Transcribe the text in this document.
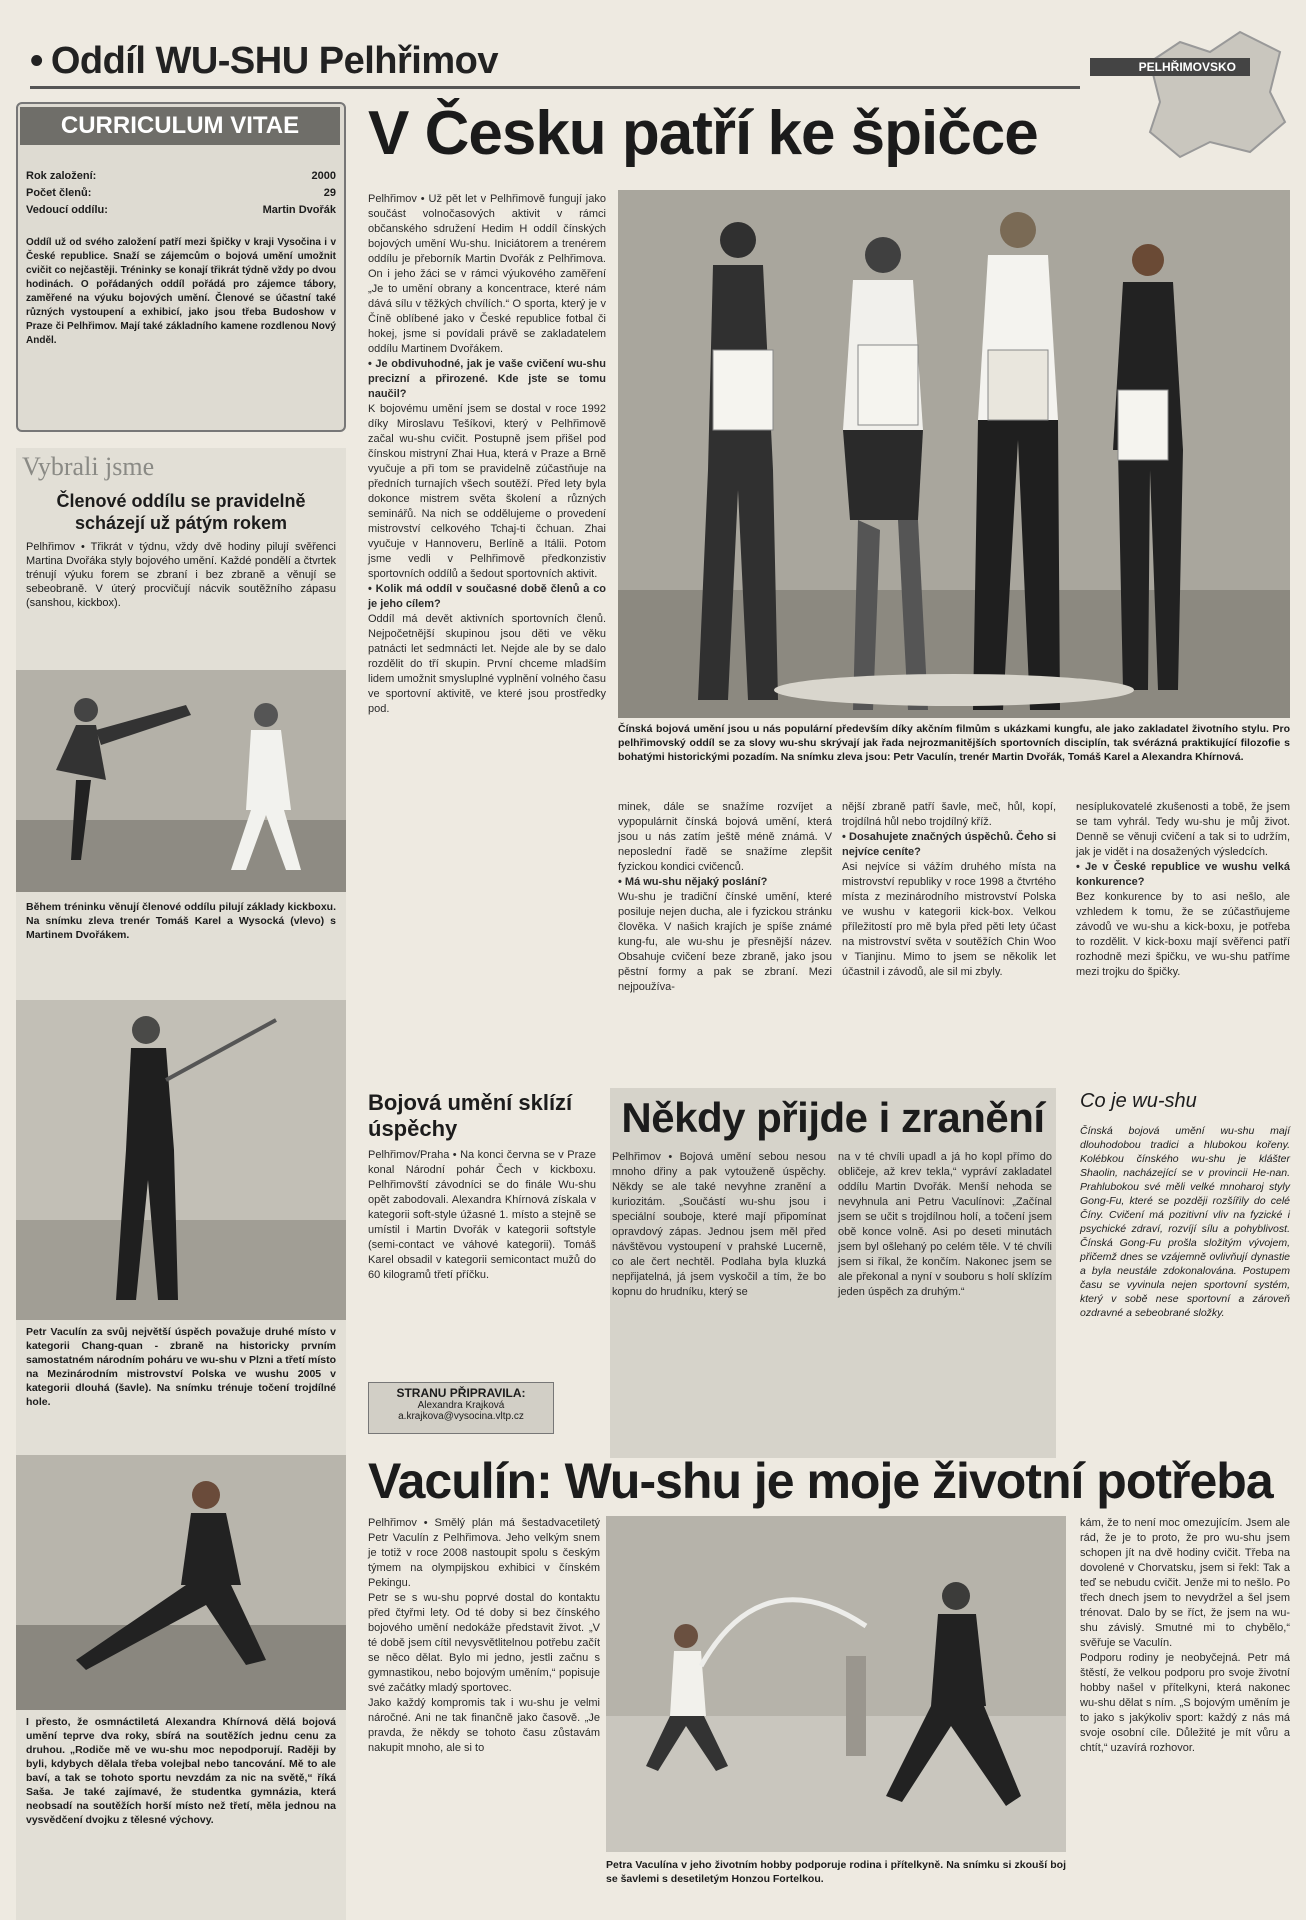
• Oddíl WU-SHU Pelhřimov	PELHŘIMOVSKO
CURRICULUM VITAE
Rok založení:	2000
Počet členů:	29
Vedoucí oddílu:	Martin Dvořák
Oddíl už od svého založení patří mezi špičky v kraji Vysočina i v České republice. Snaží se zájemcům o bojová umění umožnit cvičit co nejčastěji. Tréninky se konají třikrát týdně vždy po dvou hodinách. O pořádaných oddíl pořádá pro zájemce tábory, zaměřené na výuku bojových umění. Členové se účastní také různých vystoupení a exhibicí, jako jsou třeba Budoshow v Praze či Pelhřimov. Mají také základního kamene rozdlenou Nový Anděl.
Vybrali jsme
Členové oddílu se pravidelně scházejí už pátým rokem
Pelhřimov • Třikrát v týdnu, vždy dvě hodiny pilují svěřenci Martina Dvořáka styly bojového umění. Každé pondělí a čtvrtek trénují výuku forem se zbraní i bez zbraně a věnují se sebeobraně. V úterý procvičují nácvik soutěžního zápasu (sanshou, kickbox).
Během tréninku věnují členové oddílu pilují základy kickboxu. Na snímku zleva trenér Tomáš Karel a Wysocká (vlevo) s Martinem Dvořákem.
Petr Vaculín za svůj největší úspěch považuje druhé místo v kategorii Chang-quan - zbraně na historicky prvním samostatném národním poháru ve wu-shu v Plzni a třetí místo na Mezinárodním mistrovství Polska ve wushu 2005 v kategorii dlouhá (šavle). Na snímku trénuje točení trojdílné hole.
I přesto, že osmnáctiletá Alexandra Khírnová dělá bojová umění teprve dva roky, sbírá na soutěžích jednu cenu za druhou. „Rodiče mě ve wu-shu moc nepodporují. Raději by byli, kdybych dělala třeba volejbal nebo tancování. Mě to ale baví, a tak se tohoto sportu nevzdám za nic na světě,“ říká Saša. Je také zajímavé, že studentka gymnázia, která neobsadí na soutěžích horší místo než třetí, měla jednou na vysvědčení dvojku z tělesné výchovy.
V Česku patří ke špičce
Pelhřimov • Už pět let v Pelhřimově fungují jako součást volnočasových aktivit v rámci občanského sdružení Hedim H oddíl čínských bojových umění Wu-shu. Iniciátorem a trenérem oddílu je přeborník Martin Dvořák z Pelhřimova. On i jeho žáci se v rámci výukového zaměření „Je to umění obrany a koncentrace, které nám dává sílu v těžkých chvílích.“ O sporta, který je v Číně oblíbené jako v České republice fotbal či hokej, jsme si povídali právě se zakladatelem oddílu Martinem Dvořákem.
• Je obdivuhodné, jak je vaše cvičení wu-shu precizní a přirozené. Kde jste se tomu naučil?
K bojovému umění jsem se dostal v roce 1992 díky Miroslavu Tešíkovi, který v Pelhřimově začal wu-shu cvičit. Postupně jsem přišel pod čínskou mistryní Zhai Hua, která v Praze a Brně vyučuje a při tom se pravidelně zúčastňuje na předních turnajích všech soutěží. Před lety byla dokonce mistrem světa školení a různých seminářů. Na nich se oddělujeme o provedení mistrovství celkového Tchaj-ti čchuan. Zhai vyučuje v Hannoveru, Berlíně a Itálii. Potom jsme vedli v Pelhřimově předkonzistiv sportovních oddílů a šedout sportovních aktivit.
• Kolik má oddíl v současné době členů a co je jeho cílem?
Oddíl má devět aktivních sportovních členů. Nejpočetnější skupinou jsou děti ve věku patnácti let sedmnácti let. Nejde ale by se dalo rozdělit do tří skupin. První chceme mladším lidem umožnit smysluplné vyplnění volného času ve sportovní aktivitě, ve které jsou prostředky pod.
Čínská bojová umění jsou u nás populární především díky akčním filmům s ukázkami kungfu, ale jako zakladatel životního stylu. Pro pelhřimovský oddíl se za slovy wu-shu skrývají jak řada nejrozmanitějších sportovních disciplín, tak svérázná praktikující filozofie s bohatými historickými pozadím. Na snímku zleva jsou: Petr Vaculín, trenér Martin Dvořák, Tomáš Karel a Alexandra Khírnová.
minek, dále se snažíme rozvíjet a vypopulárnit čínská bojová umění, která jsou u nás zatím ještě méně známá. V neposlední řadě se snažíme zlepšit fyzickou kondici cvičenců.
• Má wu-shu nějaký poslání?
Wu-shu je tradiční čínské umění, které posiluje nejen ducha, ale i fyzickou stránku člověka. V našich krajích je spíše známé kung-fu, ale wu-shu je přesnější název. Obsahuje cvičení beze zbraně, jako jsou pěstní formy a pak se zbraní. Mezi nejpoužíva-
nější zbraně patří šavle, meč, hůl, kopí, trojdílná hůl nebo trojdílný kříž.
• Dosahujete značných úspěchů. Čeho si nejvíce ceníte?
Asi nejvíce si vážím druhého místa na mistrovství republiky v roce 1998 a čtvrtého místa z mezinárodního mistrovství Polska ve wushu v kategorii kick-box. Velkou příležitostí pro mě byla před pěti lety účast na mistrovství světa v soutěžích Chin Woo v Tianjinu. Mimo to jsem se několik let účastnil i závodů, ale sil mi zbyly.
nesíplukovatelé zkušenosti a tobě, že jsem se tam vyhrál. Tedy wu-shu je můj život. Denně se věnuji cvičení a tak si to udržím, jak je vidět i na dosažených výsledcích.
• Je v České republice ve wushu velká konkurence?
Bez konkurence by to asi nešlo, ale vzhledem k tomu, že se zúčastňujeme závodů ve wu-shu a kick-boxu, je potřeba to rozdělit. V kick-boxu mají svěřenci patří rozhodně mezi špičku, ve wu-shu patříme mezi trojku do špičky.
Bojová umění sklízí úspěchy
Pelhřimov/Praha • Na konci června se v Praze konal Národní pohár Čech v kickboxu. Pelhřimovští závodníci se do finále Wu-shu opět zabodovali. Alexandra Khírnová získala v kategorii soft-style úžasné 1. místo a stejně se umístil i Martin Dvořák v kategorii softstyle (semi-contact ve váhové kategorii). Tomáš Karel obsadil v kategorii semicontact mužů do 60 kilogramů třetí příčku.
STRANU PŘIPRAVILA:
Alexandra Krajková
a.krajkova@vysocina.vltp.cz
Někdy přijde i zranění
Pelhřimov • Bojová umění sebou nesou mnoho dřiny a pak vytouženě úspěchy. Někdy se ale také nevyhne zranění a kuriozitám. „Součástí wu-shu jsou i speciální souboje, které mají připomínat opravdový zápas. Jednou jsem měl před návštěvou vystoupení v prahské Lucerně, co ale čert nechtěl. Podlaha byla kluzká nepřijatelná, já jsem vyskočil a tím, že bo kopnu do hrudníku, který se
na v té chvíli upadl a já ho kopl přímo do obličeje, až krev tekla,“ vypráví zakladatel oddílu Martin Dvořák. Menší nehoda se nevyhnula ani Petru Vaculínovi: „Začínal jsem se učit s trojdílnou holí, a točení jsem obě konce volně. Asi po deseti minutách jsem byl ošlehaný po celém těle. V té chvíli jsem si říkal, že končím. Nakonec jsem se ale překonal a nyní v souboru s holí sklízím jeden úspěch za druhým.“
Co je wu-shu
Čínská bojová umění wu-shu mají dlouhodobou tradici a hlubokou kořeny. Kolébkou čínského wu-shu je klášter Shaolin, nacházející se v provincii He-nan. Prahlubokou své měli velké mnoharoj styly Gong-Fu, které se později rozšířily do celé Číny. Cvičení má pozitivní vliv na fyzické i psychické zdraví, rozvíjí sílu a pohyblivost. Čínská Gong-Fu prošla složitým vývojem, přičemž dnes se vzájemně ovlivňují dynastie a byla neustále zdokonalována. Postupem času se vyvinula nejen sportovní systém, který v sobě nese sportovní a zároveň ozdravné a sebeobrané složky.
Vaculín: Wu-shu je moje životní potřeba
Pelhřimov • Smělý plán má šestadvacetiletý Petr Vaculín z Pelhřimova. Jeho velkým snem je totiž v roce 2008 nastoupit spolu s českým týmem na olympijskou exhibici v čínském Pekingu.
Petr se s wu-shu poprvé dostal do kontaktu před čtyřmi lety. Od té doby si bez čínského bojového umění nedokáže představit život. „V té době jsem cítil nevysvětlitelnou potřebu začít se něco dělat. Bylo mi jedno, jestli začnu s gymnastikou, nebo bojovým uměním,“ popisuje své začátky mladý sportovec.
Jako každý kompromis tak i wu-shu je velmi náročné. Ani ne tak finančně jako časově. „Je pravda, že někdy se tohoto času zůstavám nakupit mnoho, ale si to
Petra Vaculína v jeho životním hobby podporuje rodina i přítelkyně. Na snímku si zkouší boj se šavlemi s desetiletým Honzou Fortelkou.
kám, že to není moc omezujícím. Jsem ale rád, že je to proto, že pro wu-shu jsem schopen jít na dvě hodiny cvičit. Třeba na dovolené v Chorvatsku, jsem si řekl: Tak a teď se nebudu cvičit. Jenže mi to nešlo. Po třech dnech jsem to nevydržel a šel jsem trénovat. Dalo by se říct, že jsem na wu-shu závislý. Smutné mi to chybělo,“ svěřuje se Vaculín.
Podporu rodiny je neobyčejná. Petr má štěstí, že velkou podporu pro svoje životní hobby našel v přítelkyni, která nakonec wu-shu dělat s ním. „S bojovým uměním je to jako s jakýkoliv sport: každý z nás má svoje osobní cíle. Důležité je mít vůru a chtít,“ uzavírá rozhovor.
